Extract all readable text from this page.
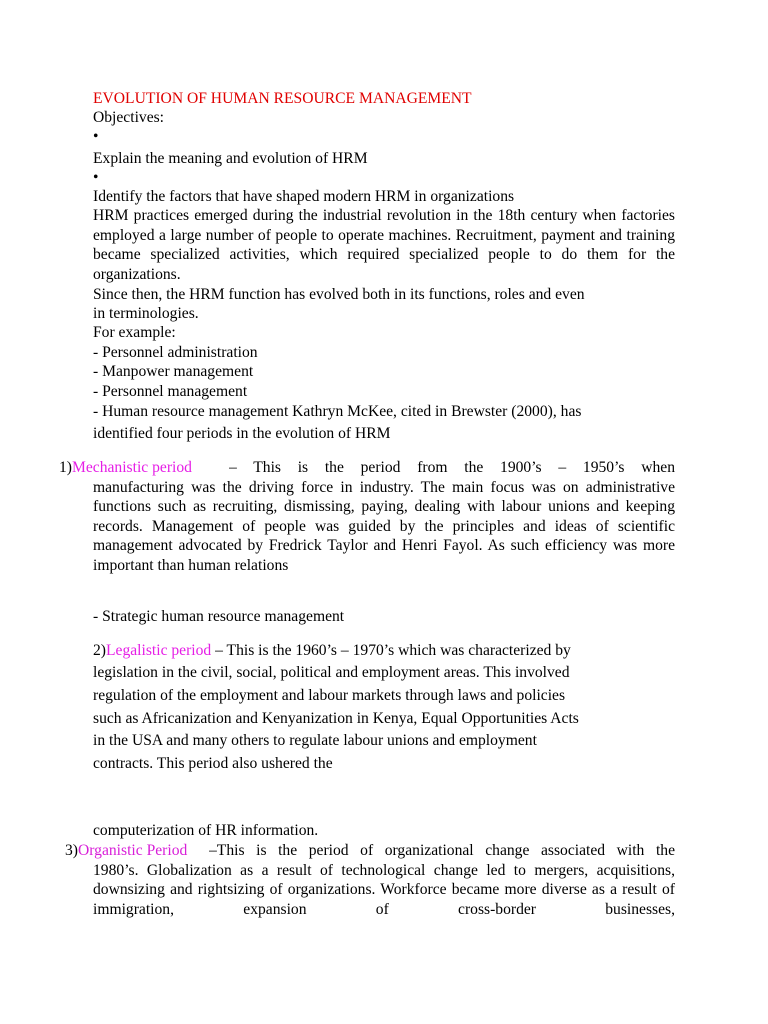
EVOLUTION OF HUMAN RESOURCE MANAGEMENT
Objectives:
•
Explain the meaning and evolution of HRM
•
Identify the factors that have shaped modern HRM in organizations
HRM practices emerged during the industrial revolution in the 18th century when factories employed a large number of people to operate machines. Recruitment, payment and training became specialized activities, which required specialized people to do them for the organizations.
Since then, the HRM function has evolved both in its functions, roles and even
in terminologies.
For example:
- Personnel administration
- Manpower management
- Personnel management
- Human resource management Kathryn McKee, cited in Brewster (2000), has
identified four periods in the evolution of HRM
1)Mechanistic period – This is the period from the 1900’s – 1950’s when
manufacturing was the driving force in industry. The main focus was on administrative functions such as recruiting, dismissing, paying, dealing with labour unions and keeping records. Management of people was guided by the principles and ideas of scientific management advocated by Fredrick Taylor and Henri Fayol. As such efficiency was more important than human relations
- Strategic human resource management
2)Legalistic period – This is the 1960’s – 1970’s which was characterized by
legislation in the civil, social, political and employment areas. This involved
regulation of the employment and labour markets through laws and policies
such as Africanization and Kenyanization in Kenya, Equal Opportunities Acts
in the USA and many others to regulate labour unions and employment
contracts. This period also ushered the
computerization of HR information.
3)Organistic Period –This is the period of organizational change associated with the
1980’s. Globalization as a result of technological change led to mergers, acquisitions, downsizing and rightsizing of organizations. Workforce became more diverse as a result of immigration, expansion of cross-border businesses,
